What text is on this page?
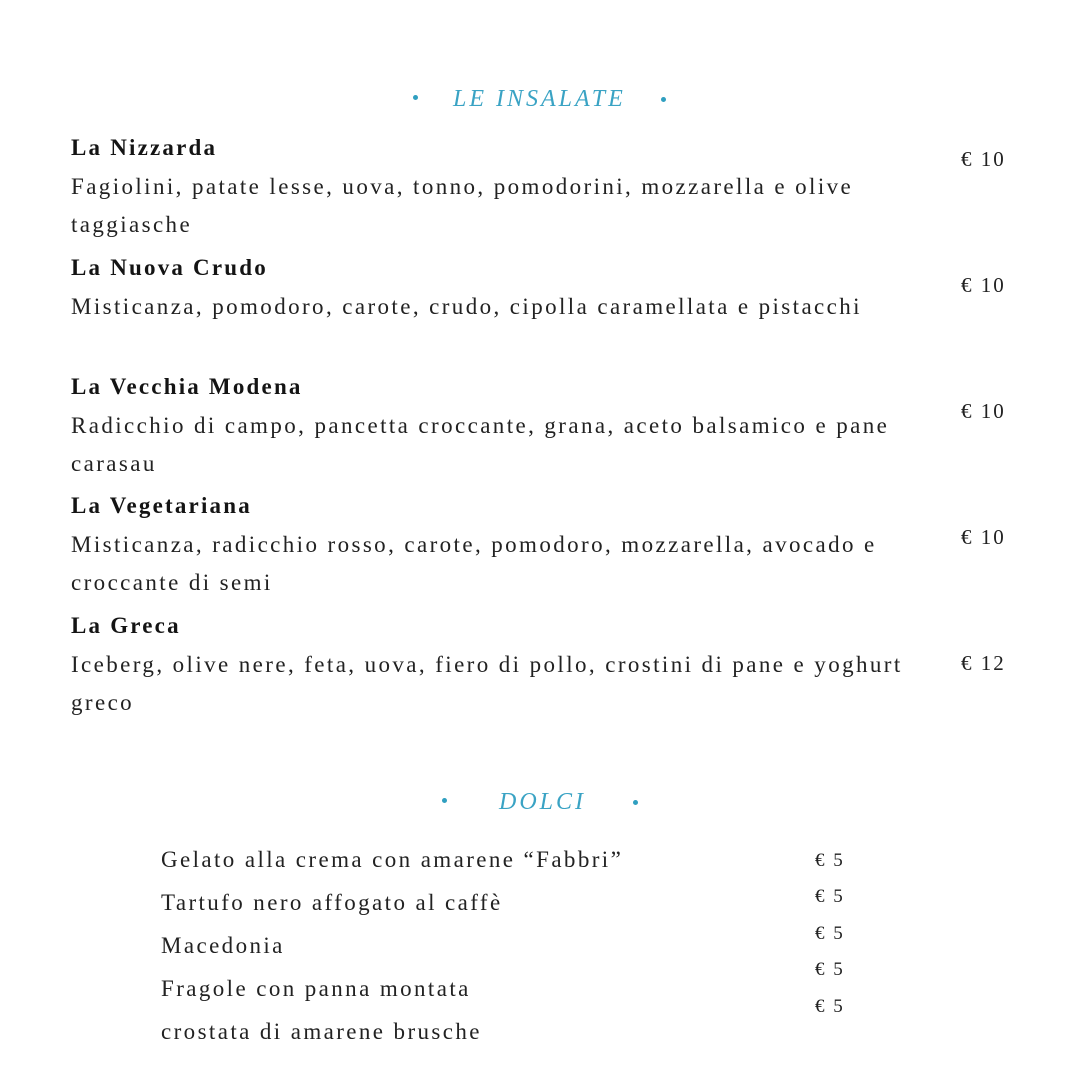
LE INSALATE
La Nizzarda
Fagiolini, patate lesse, uova, tonno, pomodorini, mozzarella e olive taggiasche
€ 10
La Nuova Crudo
Misticanza, pomodoro, carote, crudo, cipolla caramellata e pistacchi
€ 10
La Vecchia Modena
Radicchio di campo, pancetta croccante, grana, aceto balsamico e pane carasau
€ 10
La Vegetariana
Misticanza, radicchio rosso, carote, pomodoro, mozzarella, avocado e croccante di semi
€ 10
La Greca
Iceberg, olive nere, feta, uova, fiero di pollo, crostini di pane e yoghurt greco
€ 12
DOLCI
Gelato alla crema con amarene “Fabbri”
Tartufo nero affogato al caffè
Macedonia
Fragole con panna montata
crostata di amarene brusche
€ 5
€ 5
€ 5
€ 5
€ 5
